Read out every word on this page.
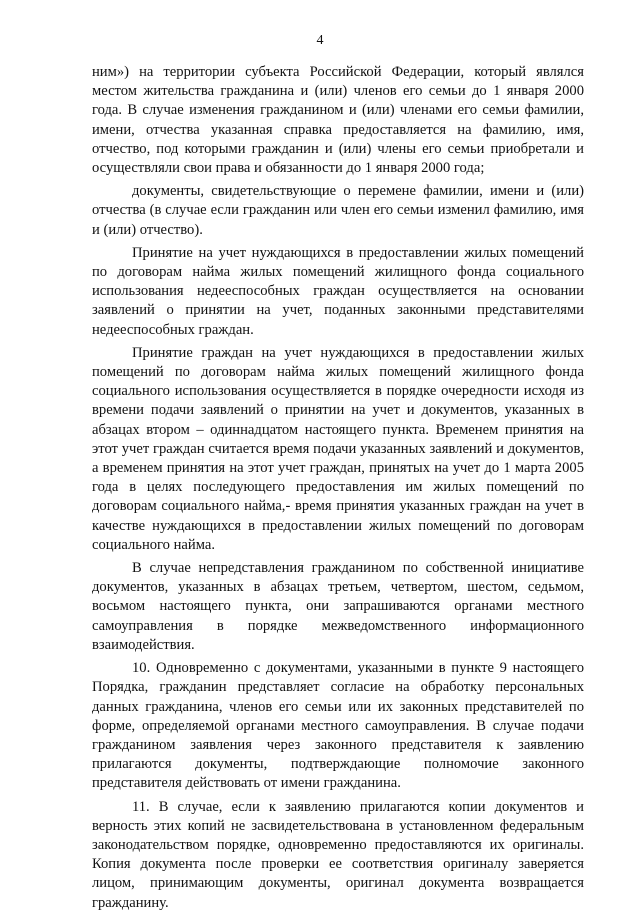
4

ним») на территории субъекта Российской Федерации, который являлся местом жительства гражданина и (или) членов его семьи до 1 января 2000 года. В случае изменения гражданином и (или) членами его семьи фамилии, имени, отчества указанная справка предоставляется на фамилию, имя, отчество, под которыми гражданин и (или) члены его семьи приобретали и осуществляли свои права и обязанности до 1 января 2000 года;

документы, свидетельствующие о перемене фамилии, имени и (или) отчества (в случае если гражданин или член его семьи изменил фамилию, имя и (или) отчество).

Принятие на учет нуждающихся в предоставлении жилых помещений по договорам найма жилых помещений жилищного фонда социального использования недееспособных граждан осуществляется на основании заявлений о принятии на учет, поданных законными представителями недееспособных граждан.

Принятие граждан на учет нуждающихся в предоставлении жилых помещений по договорам найма жилых помещений жилищного фонда социального использования осуществляется в порядке очередности исходя из времени подачи заявлений о принятии на учет и документов, указанных в абзацах втором – одиннадцатом настоящего пункта. Временем принятия на этот учет граждан считается время подачи указанных заявлений и документов, а временем принятия на этот учет граждан, принятых на учет до 1 марта 2005 года в целях последующего предоставления им жилых помещений по договорам социального найма,- время принятия указанных граждан на учет в качестве нуждающихся в предоставлении жилых помещений по договорам социального найма.

В случае непредставления гражданином по собственной инициативе документов, указанных в абзацах третьем, четвертом, шестом, седьмом, восьмом настоящего пункта, они запрашиваются органами местного самоуправления в порядке межведомственного информационного взаимодействия.

10. Одновременно с документами, указанными в пункте 9 настоящего Порядка, гражданин представляет согласие на обработку персональных данных гражданина, членов его семьи или их законных представителей по форме, определяемой органами местного самоуправления. В случае подачи гражданином заявления через законного представителя к заявлению прилагаются документы, подтверждающие полномочие законного представителя действовать от имени гражданина.

11. В случае, если к заявлению прилагаются копии документов и верность этих копий не засвидетельствована в установленном федеральным законодательством порядке, одновременно предоставляются их оригиналы. Копия документа после проверки ее соответствия оригиналу заверяется лицом, принимающим документы, оригинал документа возвращается гражданину.
